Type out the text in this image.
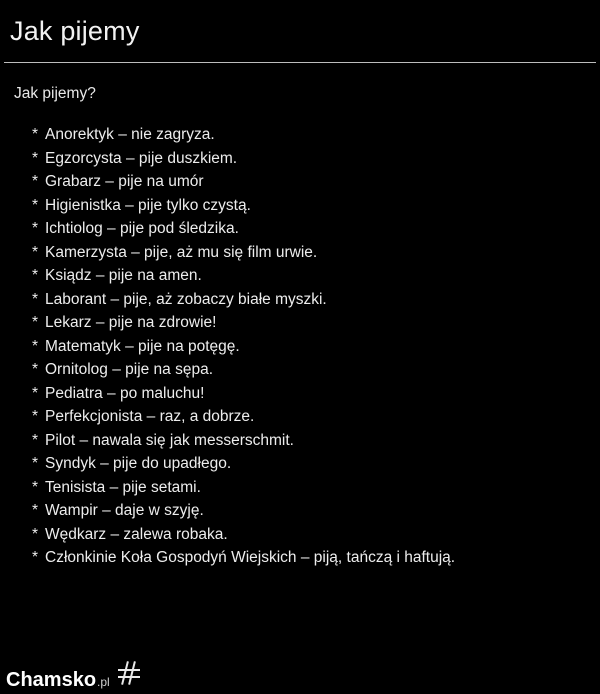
Jak pijemy
Jak pijemy?
* Anorektyk – nie zagryza.
* Egzorcysta – pije duszkiem.
* Grabarz – pije na umór
* Higienistka – pije tylko czystą.
* Ichtiolog – pije pod śledzika.
* Kamerzysta – pije, aż mu się film urwie.
* Ksiądz – pije na amen.
* Laborant – pije, aż zobaczy białe myszki.
* Lekarz – pije na zdrowie!
* Matematyk – pije na potęgę.
* Ornitolog – pije na sępa.
* Pediatra – po maluchu!
* Perfekcjonista – raz, a dobrze.
* Pilot – nawala się jak messerschmit.
* Syndyk – pije do upadłego.
* Tenisista – pije setami.
* Wampir – daje w szyję.
* Wędkarz – zalewa robaka.
* Członkinie Koła Gospodyń Wiejskich – piją, tańczą i haftują.
Chamsko .pl
